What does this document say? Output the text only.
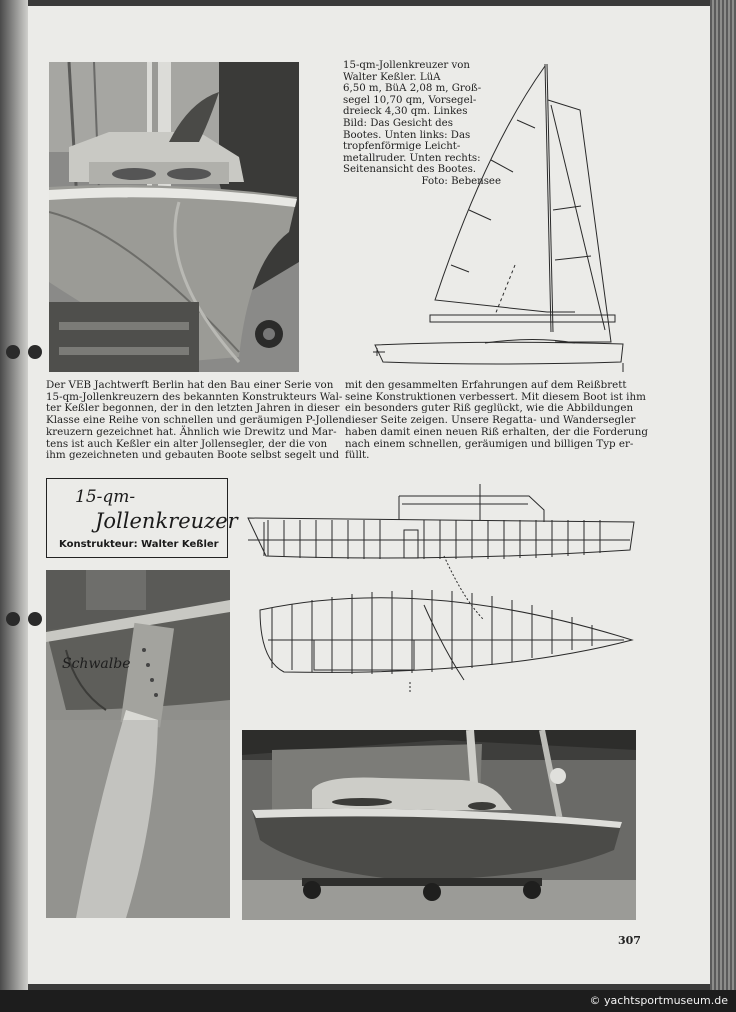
15-qm-Jollenkreuzer von
Walter Keßler. LüA
6,50 m, BüA 2,08 m, Groß-
segel 10,70 qm, Vorsegel-
dreieck 4,30 qm. Linkes
Bild: Das Gesicht des
Bootes. Unten links: Das
tropfenförmige Leicht-
metallruder. Unten rechts:
Seitenansicht des Bootes.
Foto: Bebensee
Der VEB Jachtwerft Berlin hat den Bau einer Serie von
15-qm-Jollenkreuzern des bekannten Konstrukteurs Wal-
ter Keßler begonnen, der in den letzten Jahren in dieser
Klasse eine Reihe von schnellen und geräumigen P-Jollen-
kreuzern gezeichnet hat. Ähnlich wie Drewitz und Mar-
tens ist auch Keßler ein alter Jollensegler, der die von
ihm gezeichneten und gebauten Boote selbst segelt und
mit den gesammelten Erfahrungen auf dem Reißbrett
seine Konstruktionen verbessert. Mit diesem Boot ist ihm
ein besonders guter Riß geglückt, wie die Abbildungen
dieser Seite zeigen. Unsere Regatta- und Wandersegler
haben damit einen neuen Riß erhalten, der die Forderung
nach einem schnellen, geräumigen und billigen Typ er-
füllt.
15-qm-
Jollenkreuzer
Konstrukteur: Walter Keßler
Schwalbe
307
© yachtsportmuseum.de
